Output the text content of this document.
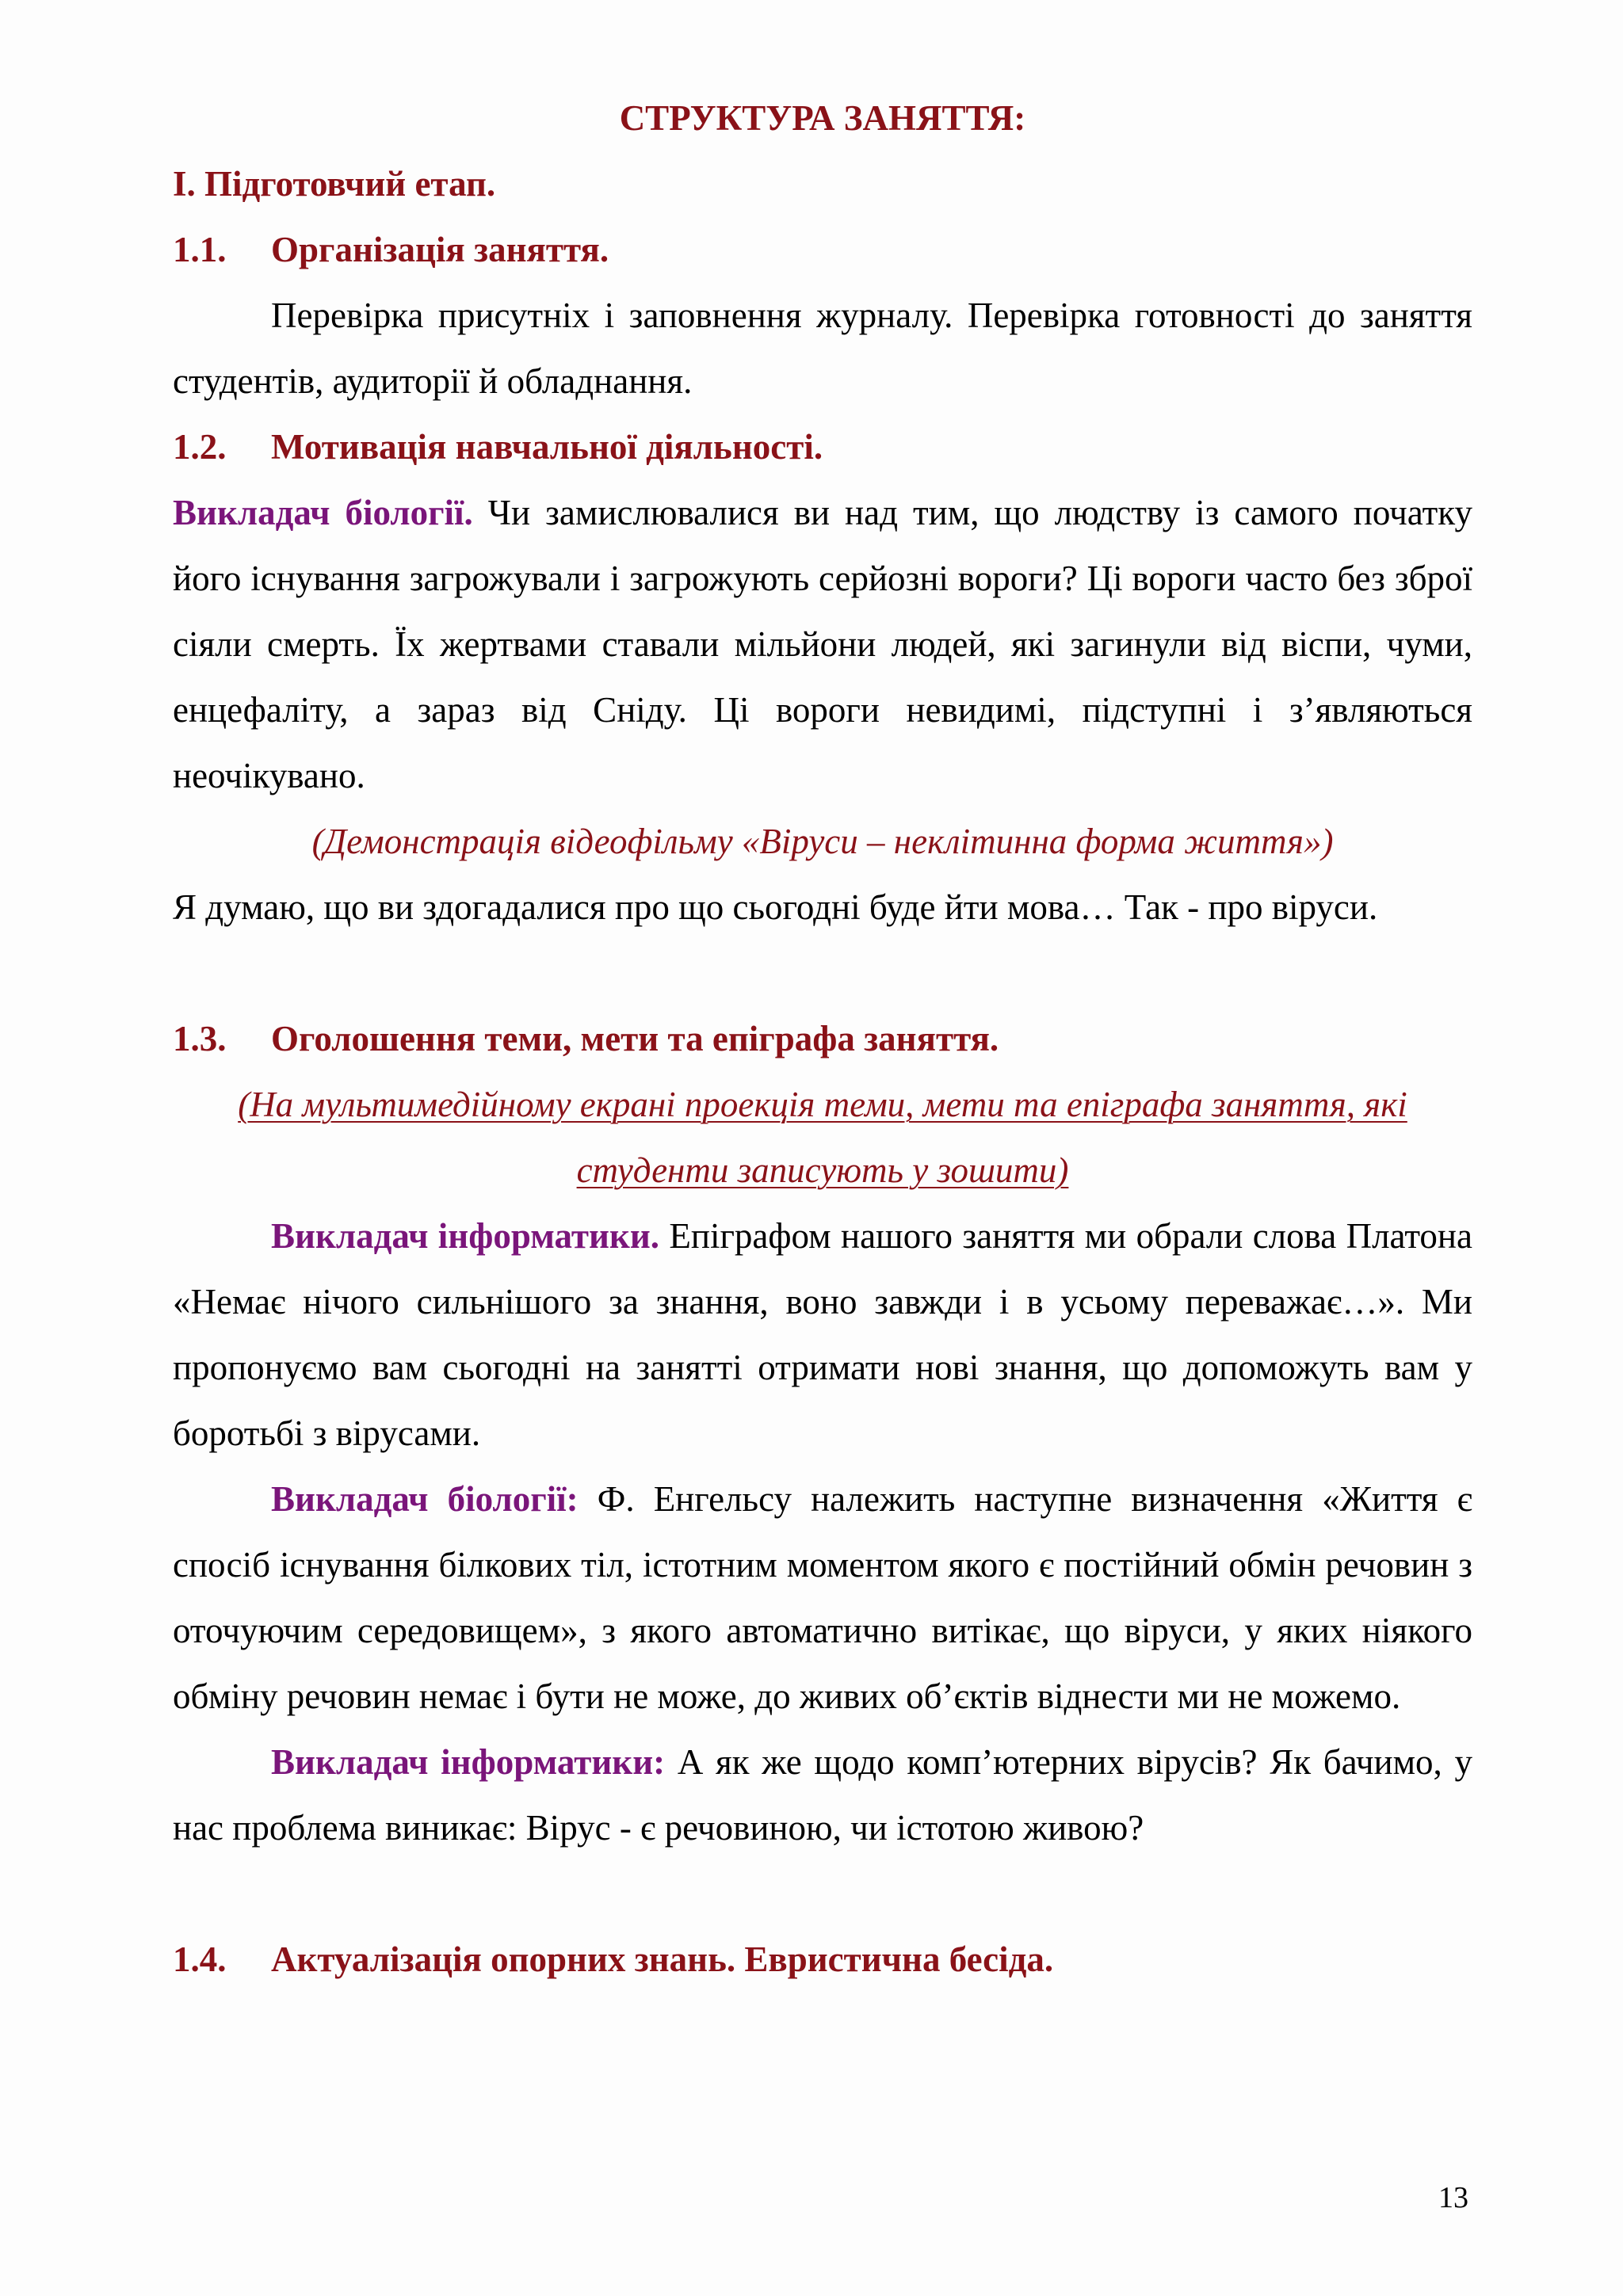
СТРУКТУРА ЗАНЯТТЯ:
І. Підготовчий етап.
1.1. Організація заняття.

Перевірка присутніх і заповнення журналу. Перевірка готовності до заняття студентів, аудиторії й обладнання.

1.2. Мотивація навчальної діяльності.

Викладач біології. Чи замислювалися ви над тим, що людству із самого початку його існування загрожували і загрожують серйозні вороги? Ці вороги часто без зброї сіяли смерть. Їх жертвами ставали мільйони людей, які загинули від віспи, чуми, енцефаліту, а зараз від Сніду. Ці вороги невидимі, підступні і з’являються неочікувано.

(Демонстрація відеофільму «Віруси – неклітинна форма життя»)

Я думаю, що ви здогадалися про що сьогодні буде йти мова… Так - про віруси.

1.3. Оголошення теми, мети та епіграфа заняття.

(На мультимедійному екрані проекція теми, мети та епіграфа заняття, які

студенти записують у зошити)

Викладач інформатики. Епіграфом нашого заняття ми обрали слова Платона «Немає нічого сильнішого за знання, воно завжди і в усьому переважає…». Ми пропонуємо вам сьогодні на занятті отримати нові знання, що допоможуть вам у боротьбі з вірусами.

Викладач біології: Ф. Енгельсу належить наступне визначення «Життя є спосіб існування білкових тіл, істотним моментом якого є постійний обмін речовин з оточуючим середовищем», з якого автоматично витікає, що віруси, у яких ніякого обміну речовин немає і бути не може, до живих об’єктів віднести ми не можемо.

Викладач інформатики: А як же щодо комп’ютерних вірусів? Як бачимо, у нас проблема виникає: Вірус - є речовиною, чи істотою живою?

1.4. Актуалізація опорних знань. Евристична бесіда.
13
